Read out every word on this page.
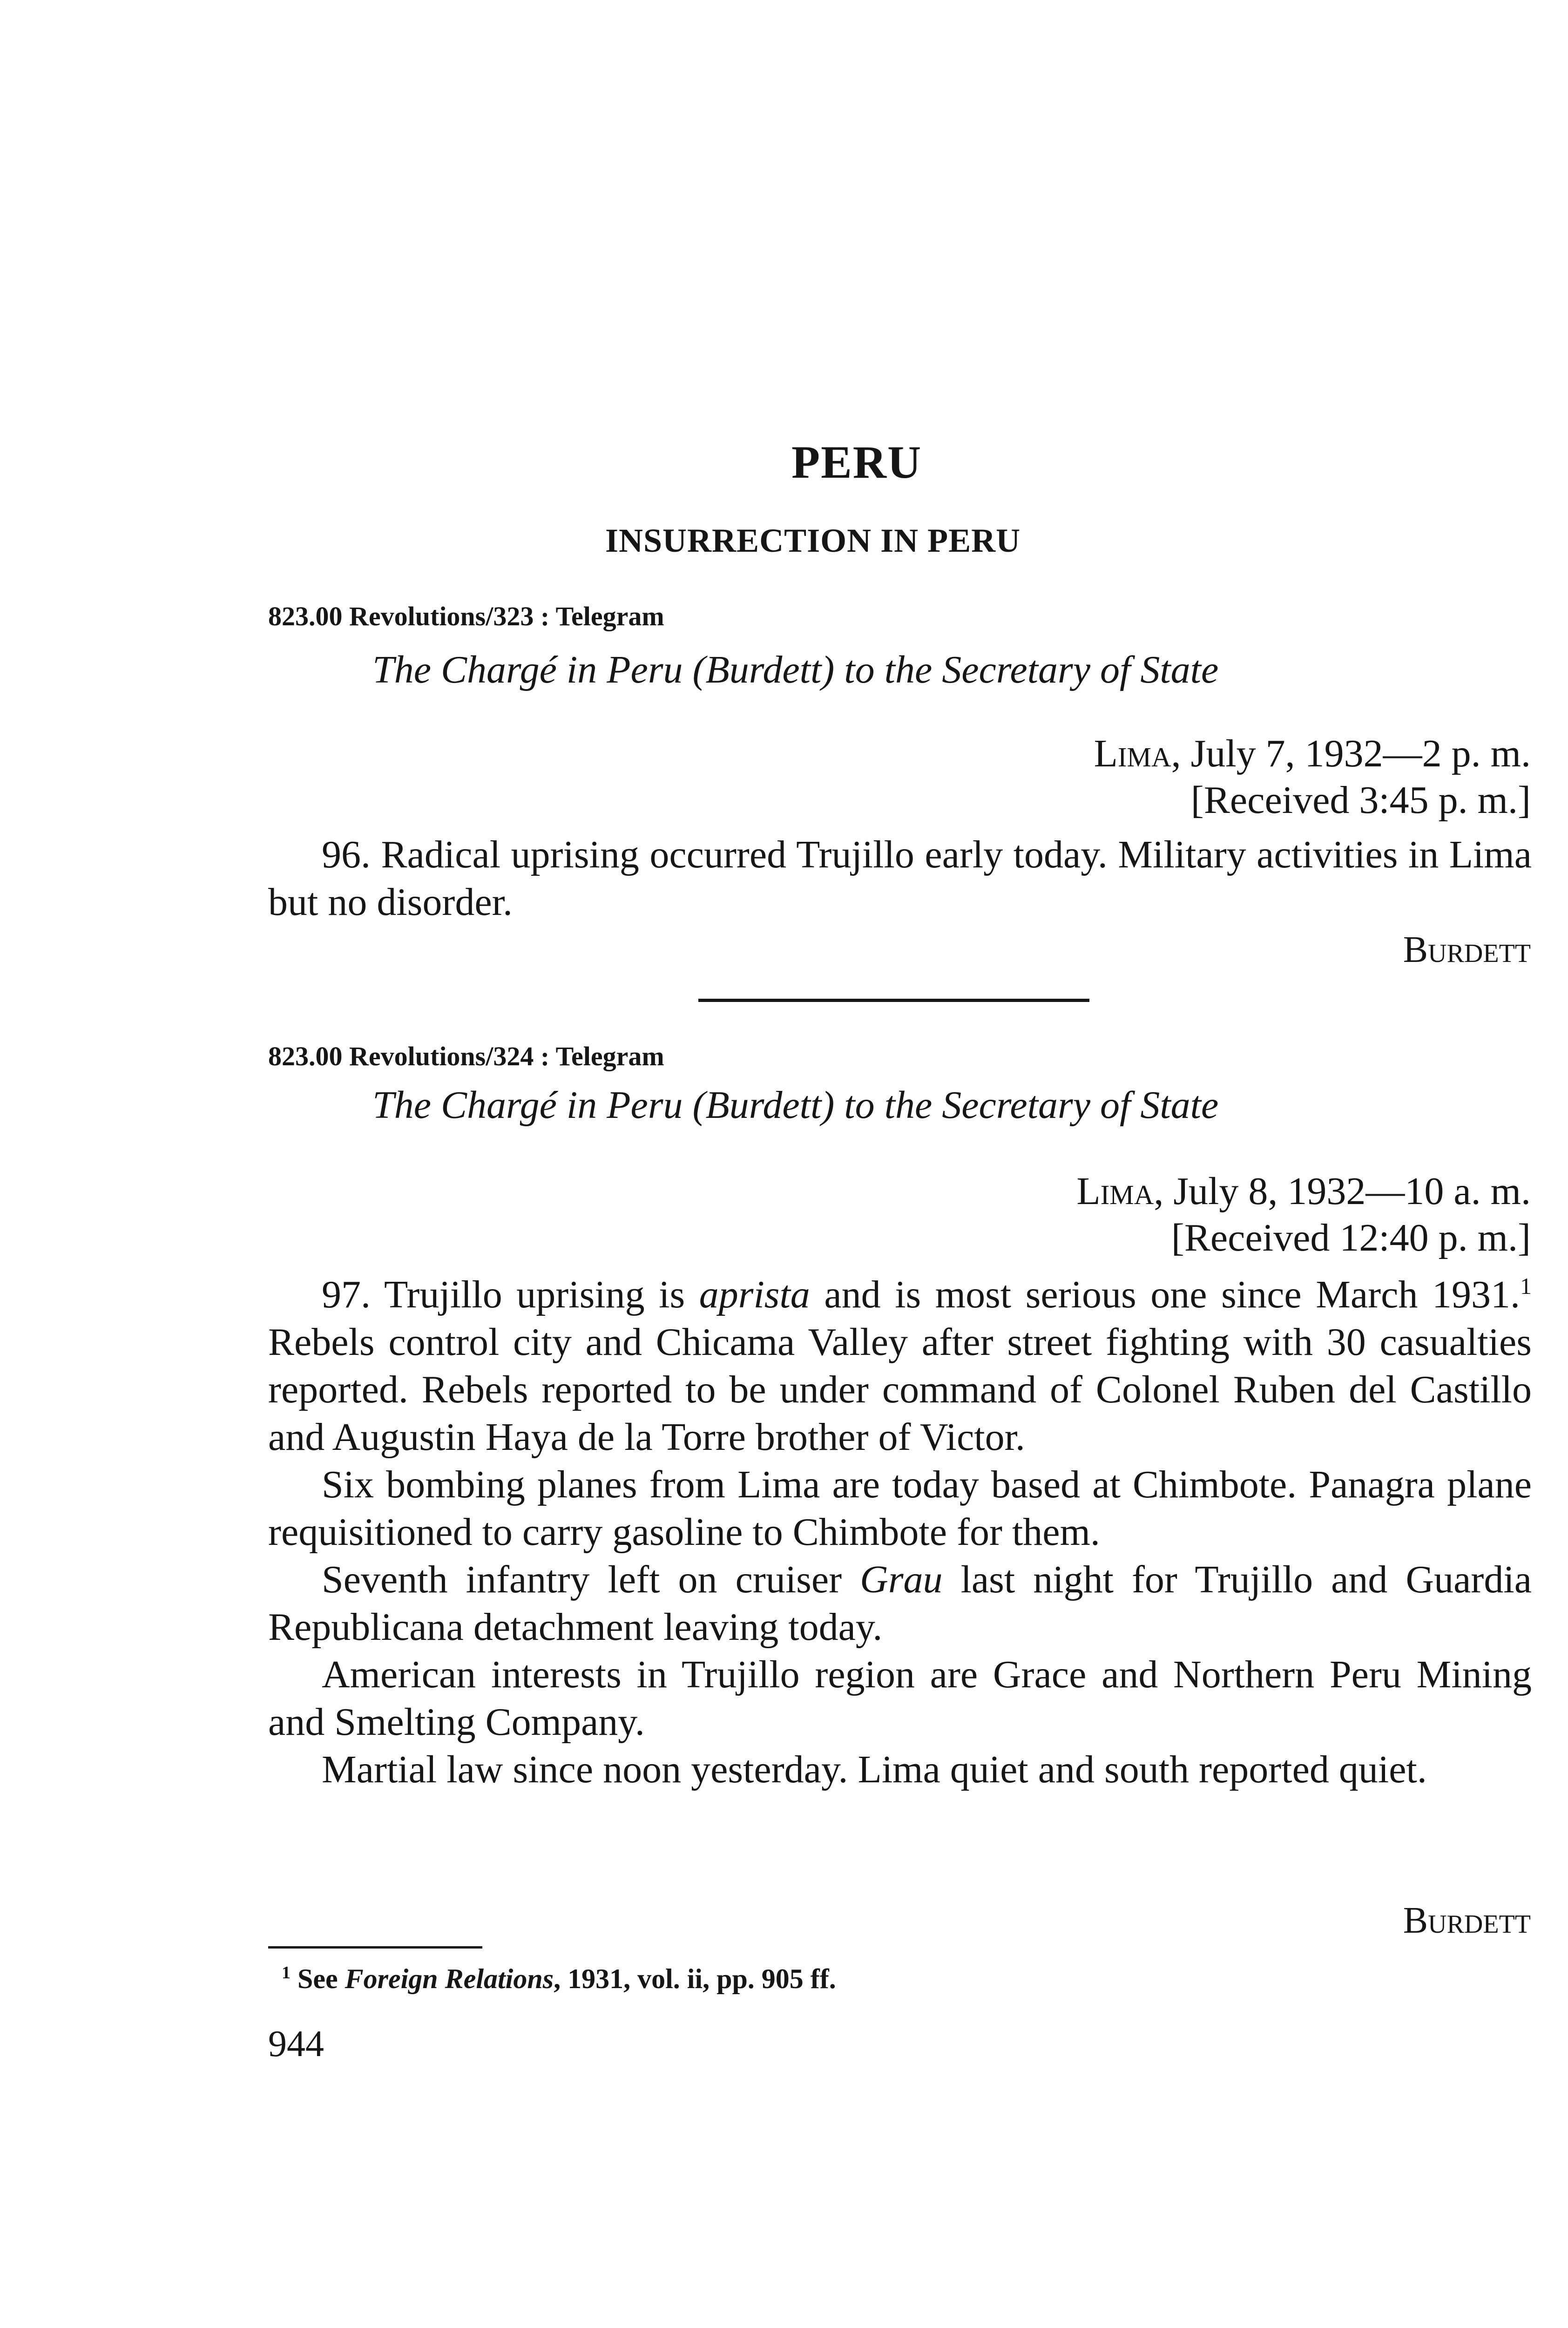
PERU
INSURRECTION IN PERU
823.00 Revolutions/323 : Telegram
The Chargé in Peru (Burdett) to the Secretary of State
Lima, July 7, 1932—2 p. m.
[Received 3:45 p. m.]

96. Radical uprising occurred Trujillo early today. Military activities in Lima but no disorder.

Burdett
823.00 Revolutions/324 : Telegram
The Chargé in Peru (Burdett) to the Secretary of State
Lima, July 8, 1932—10 a. m.
[Received 12:40 p. m.]

97. Trujillo uprising is aprista and is most serious one since March 1931.$^1$ Rebels control city and Chicama Valley after street fighting with 30 casualties reported. Rebels reported to be under command of Colonel Ruben del Castillo and Augustin Haya de la Torre brother of Victor.

Six bombing planes from Lima are today based at Chimbote. Panagra plane requisitioned to carry gasoline to Chimbote for them.

Seventh infantry left on cruiser Grau last night for Trujillo and Guardia Republicana detachment leaving today.

American interests in Trujillo region are Grace and Northern Peru Mining and Smelting Company.

Martial law since noon yesterday. Lima quiet and south reported quiet.

Burdett
$^1$ See Foreign Relations, 1931, vol. ii, pp. 905 ff.
944
